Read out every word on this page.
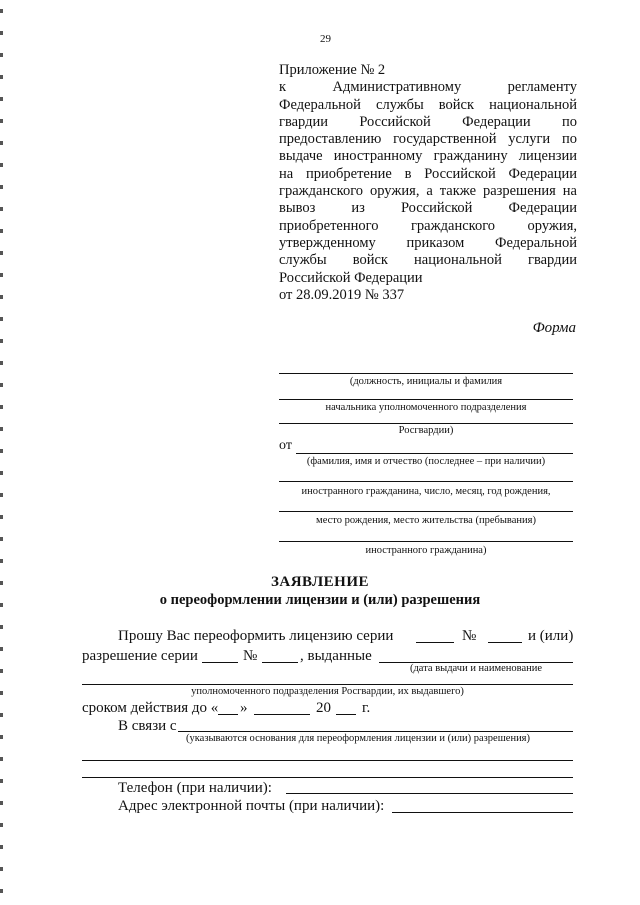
29
Приложение № 2
к Административному регламенту
Федеральной службы войск национальной
гвардии Российской Федерации по
предоставлению государственной услуги по
выдаче иностранному гражданину лицензии
на приобретение в Российской Федерации
гражданского оружия, а также разрешения на
вывоз из Российской Федерации
приобретенного гражданского оружия,
утвержденному приказом Федеральной
службы войск национальной гвардии
Российской Федерации
от 28.09.2019 № 337
Форма
(должность, инициалы и фамилия
начальника уполномоченного подразделения
Росгвардии)
от
(фамилия, имя и отчество (последнее – при наличии)
иностранного гражданина, число, месяц, год рождения,
место рождения, место жительства (пребывания)
иностранного гражданина)
ЗАЯВЛЕНИЕ
о переоформлении лицензии и (или) разрешения
Прошу Вас переоформить лицензию серии	№	и (или)
разрешение серии	№	, выданные
(дата выдачи и наименование
уполномоченного подразделения Росгвардии, их выдавшего)
сроком действия до « »	20 г.
В связи с
(указываются основания для переоформления лицензии и (или) разрешения)
Телефон (при наличии):
Адрес электронной почты (при наличии):
